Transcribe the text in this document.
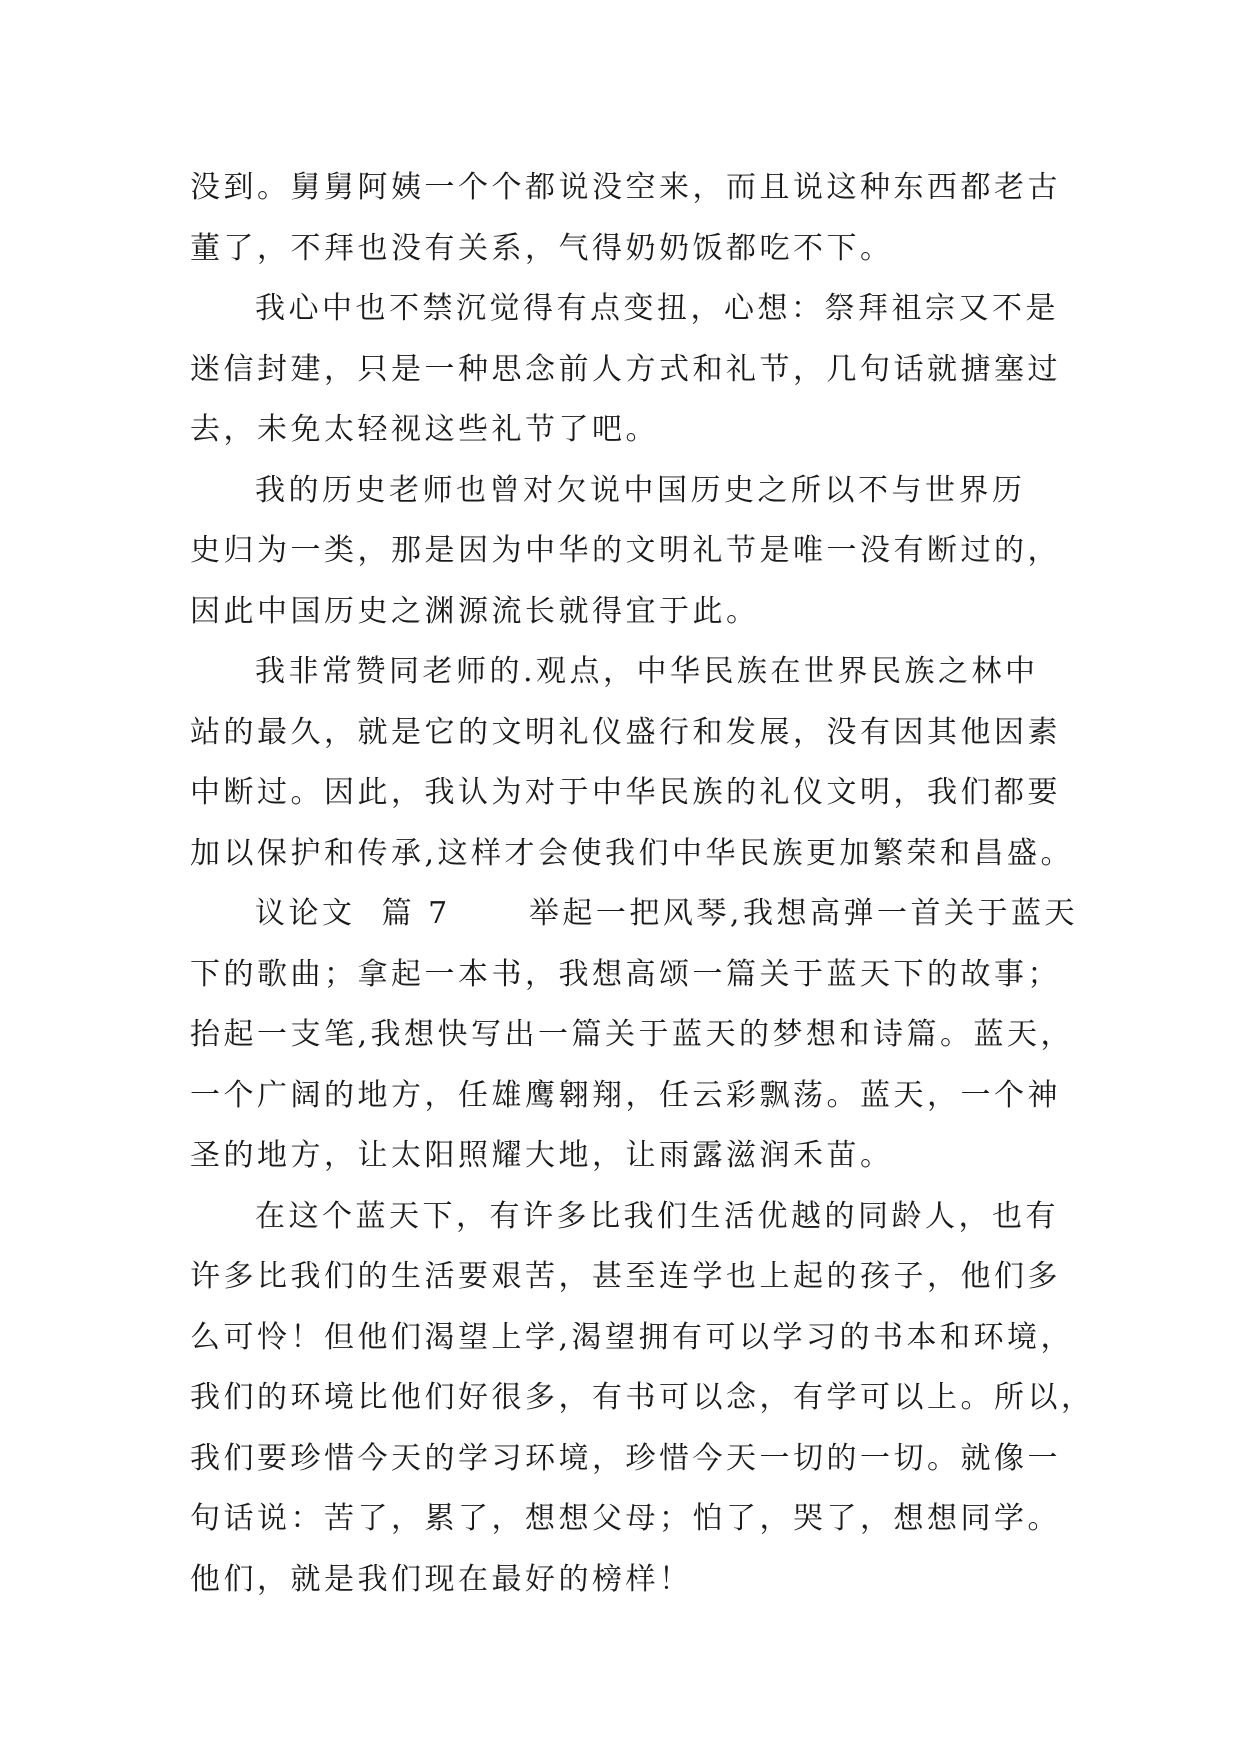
没到。舅舅阿姨一个个都说没空来，而且说这种东西都老古
董了，不拜也没有关系，气得奶奶饭都吃不下。
我心中也不禁沉觉得有点变扭，心想：祭拜祖宗又不是
迷信封建，只是一种思念前人方式和礼节，几句话就搪塞过
去，未免太轻视这些礼节了吧。
我的历史老师也曾对欠说中国历史之所以不与世界历
史归为一类，那是因为中华的文明礼节是唯一没有断过的，
因此中国历史之渊源流长就得宜于此。
我非常赞同老师的.观点，中华民族在世界民族之林中
站的最久，就是它的文明礼仪盛行和发展，没有因其他因素
中断过。因此，我认为对于中华民族的礼仪文明，我们都要
加以保护和传承,这样才会使我们中华民族更加繁荣和昌盛。
议论文  篇 7      举起一把风琴,我想高弹一首关于蓝天
下的歌曲；拿起一本书，我想高颂一篇关于蓝天下的故事；
抬起一支笔,我想快写出一篇关于蓝天的梦想和诗篇。蓝天，
一个广阔的地方，任雄鹰翱翔，任云彩飘荡。蓝天，一个神
圣的地方，让太阳照耀大地，让雨露滋润禾苗。
在这个蓝天下，有许多比我们生活优越的同龄人，也有
许多比我们的生活要艰苦，甚至连学也上起的孩子，他们多
么可怜！但他们渴望上学,渴望拥有可以学习的书本和环境，
我们的环境比他们好很多，有书可以念，有学可以上。所以，
我们要珍惜今天的学习环境，珍惜今天一切的一切。就像一
句话说：苦了，累了，想想父母；怕了，哭了，想想同学。
他们，就是我们现在最好的榜样！
